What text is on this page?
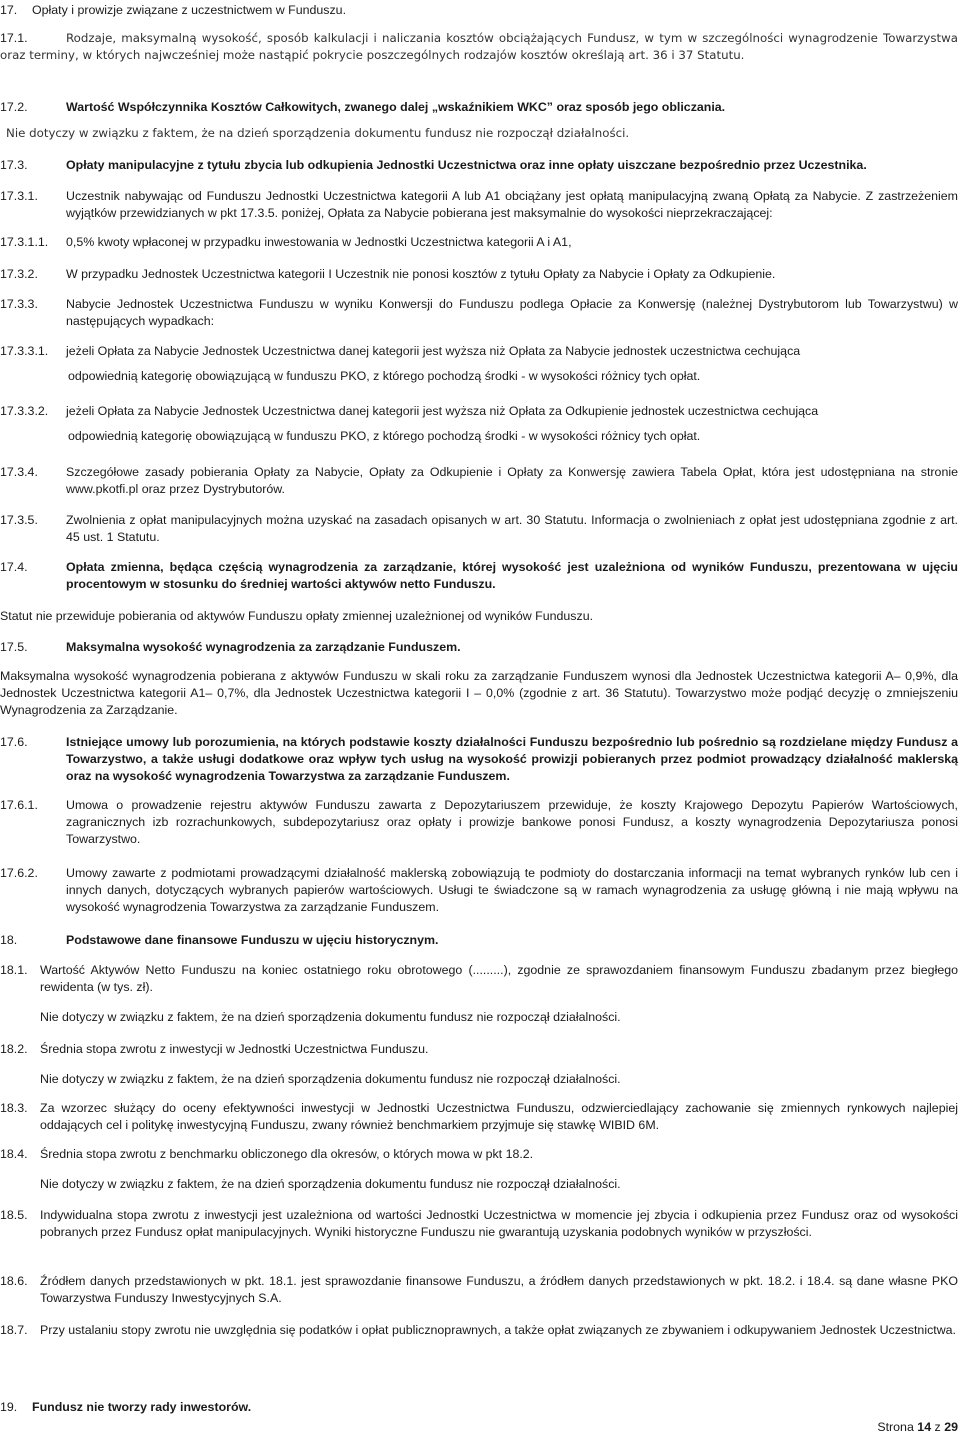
17. Opłaty i prowizje związane z uczestnictwem w Funduszu.
17.1.	Rodzaje, maksymalną wysokość, sposób kalkulacji i naliczania kosztów obciążających Fundusz, w tym w szczególności wynagrodzenie Towarzystwa oraz terminy, w których najwcześniej może nastąpić pokrycie poszczególnych rodzajów kosztów określają art. 36 i 37 Statutu.
17.2.	Wartość Współczynnika Kosztów Całkowitych, zwanego dalej „wskaźnikiem WKC” oraz sposób jego obliczania.
Nie dotyczy w związku z faktem, że na dzień sporządzenia dokumentu fundusz nie rozpoczął działalności.
17.3.	Opłaty manipulacyjne z tytułu zbycia lub odkupienia Jednostki Uczestnictwa oraz inne opłaty uiszczane bezpośrednio przez Uczestnika.
17.3.1. Uczestnik nabywając od Funduszu Jednostki Uczestnictwa kategorii A lub A1 obciążany jest opłatą manipulacyjną zwaną Opłatą za Nabycie. Z zastrzeżeniem wyjątków przewidzianych w pkt 17.3.5. poniżej, Opłata za Nabycie pobierana jest maksymalnie do wysokości nieprzekraczającej:
17.3.1.1. 0,5% kwoty wpłaconej w przypadku inwestowania w Jednostki Uczestnictwa kategorii A i A1,
17.3.2. W przypadku Jednostek Uczestnictwa kategorii I Uczestnik nie ponosi kosztów z tytułu Opłaty za Nabycie i Opłaty za Odkupienie.
17.3.3. Nabycie Jednostek Uczestnictwa Funduszu w wyniku Konwersji do Funduszu podlega Opłacie za Konwersję (należnej Dystrybutorom lub Towarzystwu) w następujących wypadkach:
17.3.3.1. jeżeli Opłata za Nabycie Jednostek Uczestnictwa danej kategorii jest wyższa niż Opłata za Nabycie jednostek uczestnictwa cechująca
odpowiednią kategorię obowiązującą w funduszu PKO, z którego pochodzą środki - w wysokości różnicy tych opłat.
17.3.3.2. jeżeli Opłata za Nabycie Jednostek Uczestnictwa danej kategorii jest wyższa niż Opłata za Odkupienie jednostek uczestnictwa cechująca
odpowiednią kategorię obowiązującą w funduszu PKO, z którego pochodzą środki - w wysokości różnicy tych opłat.
17.3.4. Szczegółowe zasady pobierania Opłaty za Nabycie, Opłaty za Odkupienie i Opłaty za Konwersję zawiera Tabela Opłat, która jest udostępniana na stronie www.pkotfi.pl oraz przez Dystrybutorów.
17.3.5. Zwolnienia z opłat manipulacyjnych można uzyskać na zasadach opisanych w art. 30 Statutu. Informacja o zwolnieniach z opłat jest udostępniana zgodnie z art. 45 ust. 1 Statutu.
17.4.	Opłata zmienna, będąca częścią wynagrodzenia za zarządzanie, której wysokość jest uzależniona od wyników Funduszu, prezentowana w ujęciu procentowym w stosunku do średniej wartości aktywów netto Funduszu.
Statut nie przewiduje pobierania od aktywów Funduszu opłaty zmiennej uzależnionej od wyników Funduszu.
17.5.	Maksymalna wysokość wynagrodzenia za zarządzanie Funduszem.
Maksymalna wysokość wynagrodzenia pobierana z aktywów Funduszu w skali roku za zarządzanie Funduszem wynosi dla Jednostek Uczestnictwa kategorii A– 0,9%, dla Jednostek Uczestnictwa kategorii A1– 0,7%, dla Jednostek Uczestnictwa kategorii I – 0,0% (zgodnie z art. 36 Statutu). Towarzystwo może podjąć decyzję o zmniejszeniu Wynagrodzenia za Zarządzanie.
17.6.	Istniejące umowy lub porozumienia, na których podstawie koszty działalności Funduszu bezpośrednio lub pośrednio są rozdzielane między Fundusz a Towarzystwo, a także usługi dodatkowe oraz wpływ tych usług na wysokość prowizji pobieranych przez podmiot prowadzący działalność maklerską oraz na wysokość wynagrodzenia Towarzystwa za zarządzanie Funduszem.
17.6.1. Umowa o prowadzenie rejestru aktywów Funduszu zawarta z Depozytariuszem przewiduje, że koszty Krajowego Depozytu Papierów Wartościowych, zagranicznych izb rozrachunkowych, subdepozytariusz oraz opłaty i prowizje bankowe ponosi Fundusz, a koszty wynagrodzenia Depozytariusza ponosi Towarzystwo.
17.6.2. Umowy zawarte z podmiotami prowadzącymi działalność maklerską zobowiązują te podmioty do dostarczania informacji na temat wybranych rynków lub cen i innych danych, dotyczących wybranych papierów wartościowych. Usługi te świadczone są w ramach wynagrodzenia za usługę główną i nie mają wpływu na wysokość wynagrodzenia Towarzystwa za zarządzanie Funduszem.
18.	Podstawowe dane finansowe Funduszu w ujęciu historycznym.
18.1. Wartość Aktywów Netto Funduszu na koniec ostatniego roku obrotowego (.........), zgodnie ze sprawozdaniem finansowym Funduszu zbadanym przez biegłego rewidenta (w tys. zł).
Nie dotyczy w związku z faktem, że na dzień sporządzenia dokumentu fundusz nie rozpoczął działalności.
18.2. Średnia stopa zwrotu z inwestycji w Jednostki Uczestnictwa Funduszu.
Nie dotyczy w związku z faktem, że na dzień sporządzenia dokumentu fundusz nie rozpoczął działalności.
18.3. Za wzorzec służący do oceny efektywności inwestycji w Jednostki Uczestnictwa Funduszu, odzwierciedlający zachowanie się zmiennych rynkowych najlepiej oddających cel i politykę inwestycyjną Funduszu, zwany również benchmarkiem przyjmuje się stawkę WIBID 6M.
18.4. Średnia stopa zwrotu z benchmarku obliczonego dla okresów, o których mowa w pkt 18.2.
Nie dotyczy w związku z faktem, że na dzień sporządzenia dokumentu fundusz nie rozpoczął działalności.
18.5. Indywidualna stopa zwrotu z inwestycji jest uzależniona od wartości Jednostki Uczestnictwa w momencie jej zbycia i odkupienia przez Fundusz oraz od wysokości pobranych przez Fundusz opłat manipulacyjnych. Wyniki historyczne Funduszu nie gwarantują uzyskania podobnych wyników w przyszłości.
18.6. Źródłem danych przedstawionych w pkt. 18.1. jest sprawozdanie finansowe Funduszu, a źródłem danych przedstawionych w pkt. 18.2. i 18.4. są dane własne PKO Towarzystwa Funduszy Inwestycyjnych S.A.
18.7. Przy ustalaniu stopy zwrotu nie uwzględnia się podatków i opłat publicznoprawnych, a także opłat związanych ze zbywaniem i odkupywaniem Jednostek Uczestnictwa.
19. Fundusz nie tworzy rady inwestorów.
Strona 14 z 29
